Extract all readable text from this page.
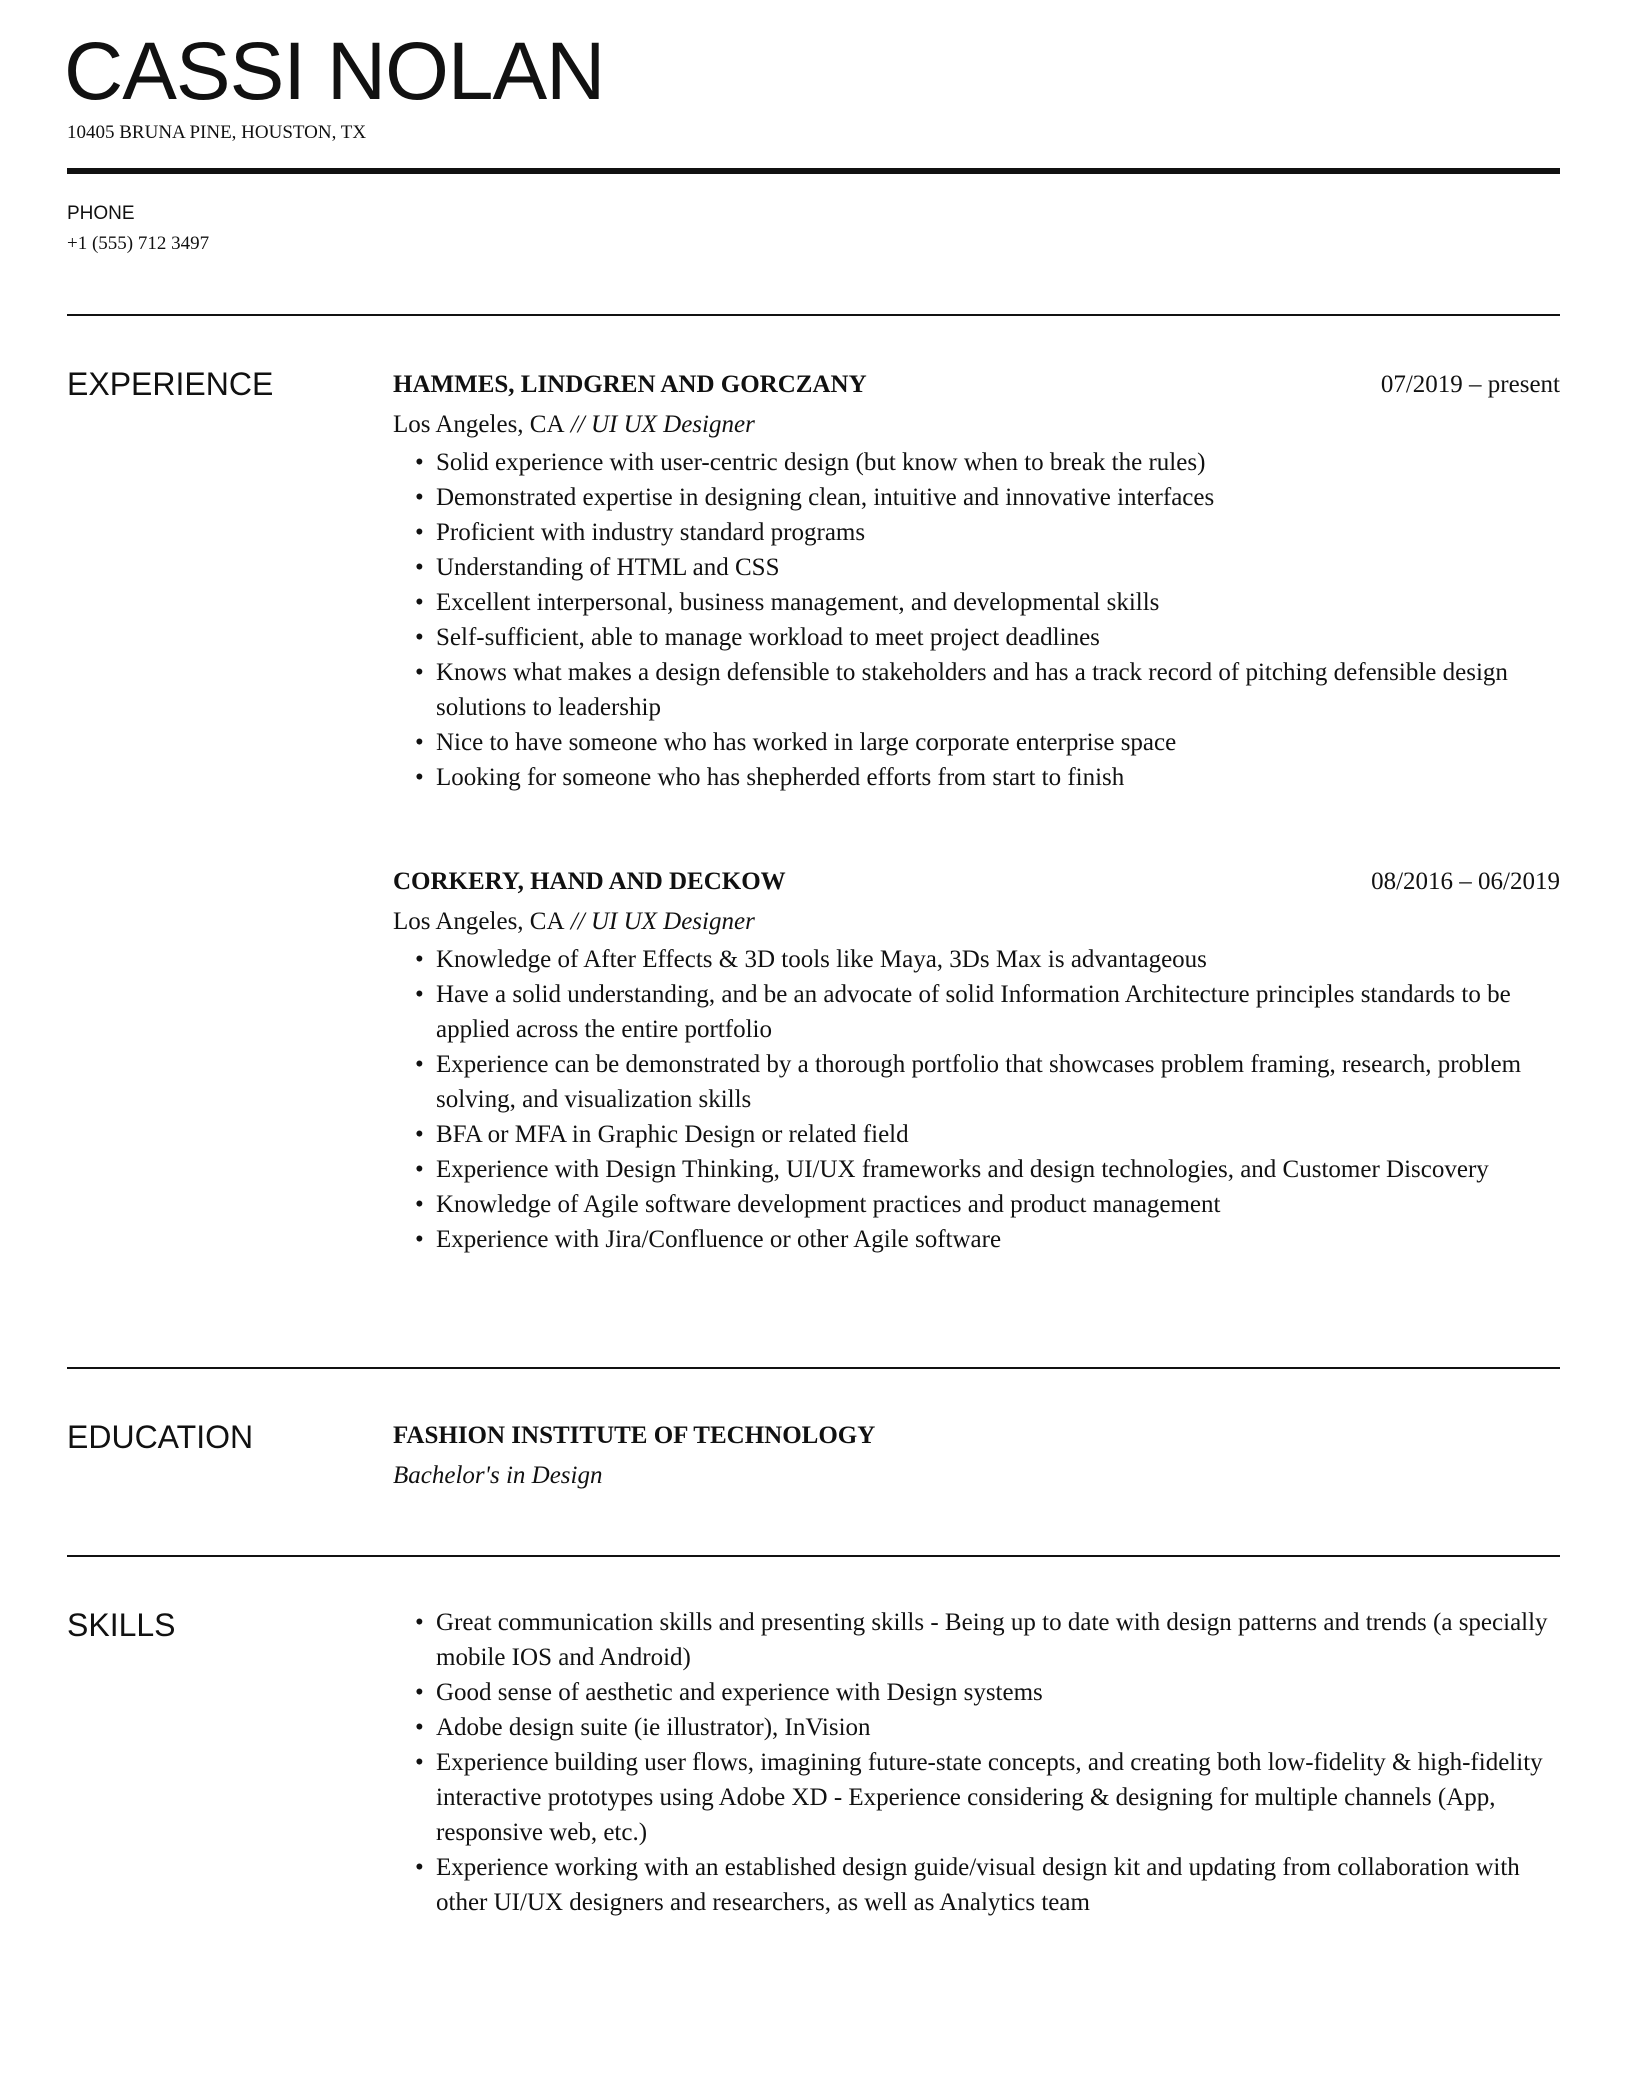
CASSI NOLAN
10405 BRUNA PINE, HOUSTON, TX
PHONE
+1 (555) 712 3497
EXPERIENCE	HAMMES, LINDGREN AND GORCZANY	07/2019 – present
Los Angeles, CA // UI UX Designer
• Solid experience with user-centric design (but know when to break the rules)
• Demonstrated expertise in designing clean, intuitive and innovative interfaces
• Proficient with industry standard programs
• Understanding of HTML and CSS
• Excellent interpersonal, business management, and developmental skills
• Self-sufficient, able to manage workload to meet project deadlines
• Knows what makes a design defensible to stakeholders and has a track record of pitching defensible design solutions to leadership
• Nice to have someone who has worked in large corporate enterprise space
• Looking for someone who has shepherded efforts from start to finish
CORKERY, HAND AND DECKOW	08/2016 – 06/2019
Los Angeles, CA // UI UX Designer
• Knowledge of After Effects & 3D tools like Maya, 3Ds Max is advantageous
• Have a solid understanding, and be an advocate of solid Information Architecture principles standards to be applied across the entire portfolio
• Experience can be demonstrated by a thorough portfolio that showcases problem framing, research, problem solving, and visualization skills
• BFA or MFA in Graphic Design or related field
• Experience with Design Thinking, UI/UX frameworks and design technologies, and Customer Discovery
• Knowledge of Agile software development practices and product management
• Experience with Jira/Confluence or other Agile software
EDUCATION	FASHION INSTITUTE OF TECHNOLOGY
Bachelor's in Design
SKILLS	• Great communication skills and presenting skills - Being up to date with design patterns and trends (a specially mobile IOS and Android)
• Good sense of aesthetic and experience with Design systems
• Adobe design suite (ie illustrator), InVision
• Experience building user flows, imagining future-state concepts, and creating both low-fidelity & high-fidelity interactive prototypes using Adobe XD - Experience considering & designing for multiple channels (App, responsive web, etc.)
• Experience working with an established design guide/visual design kit and updating from collaboration with other UI/UX designers and researchers, as well as Analytics team
